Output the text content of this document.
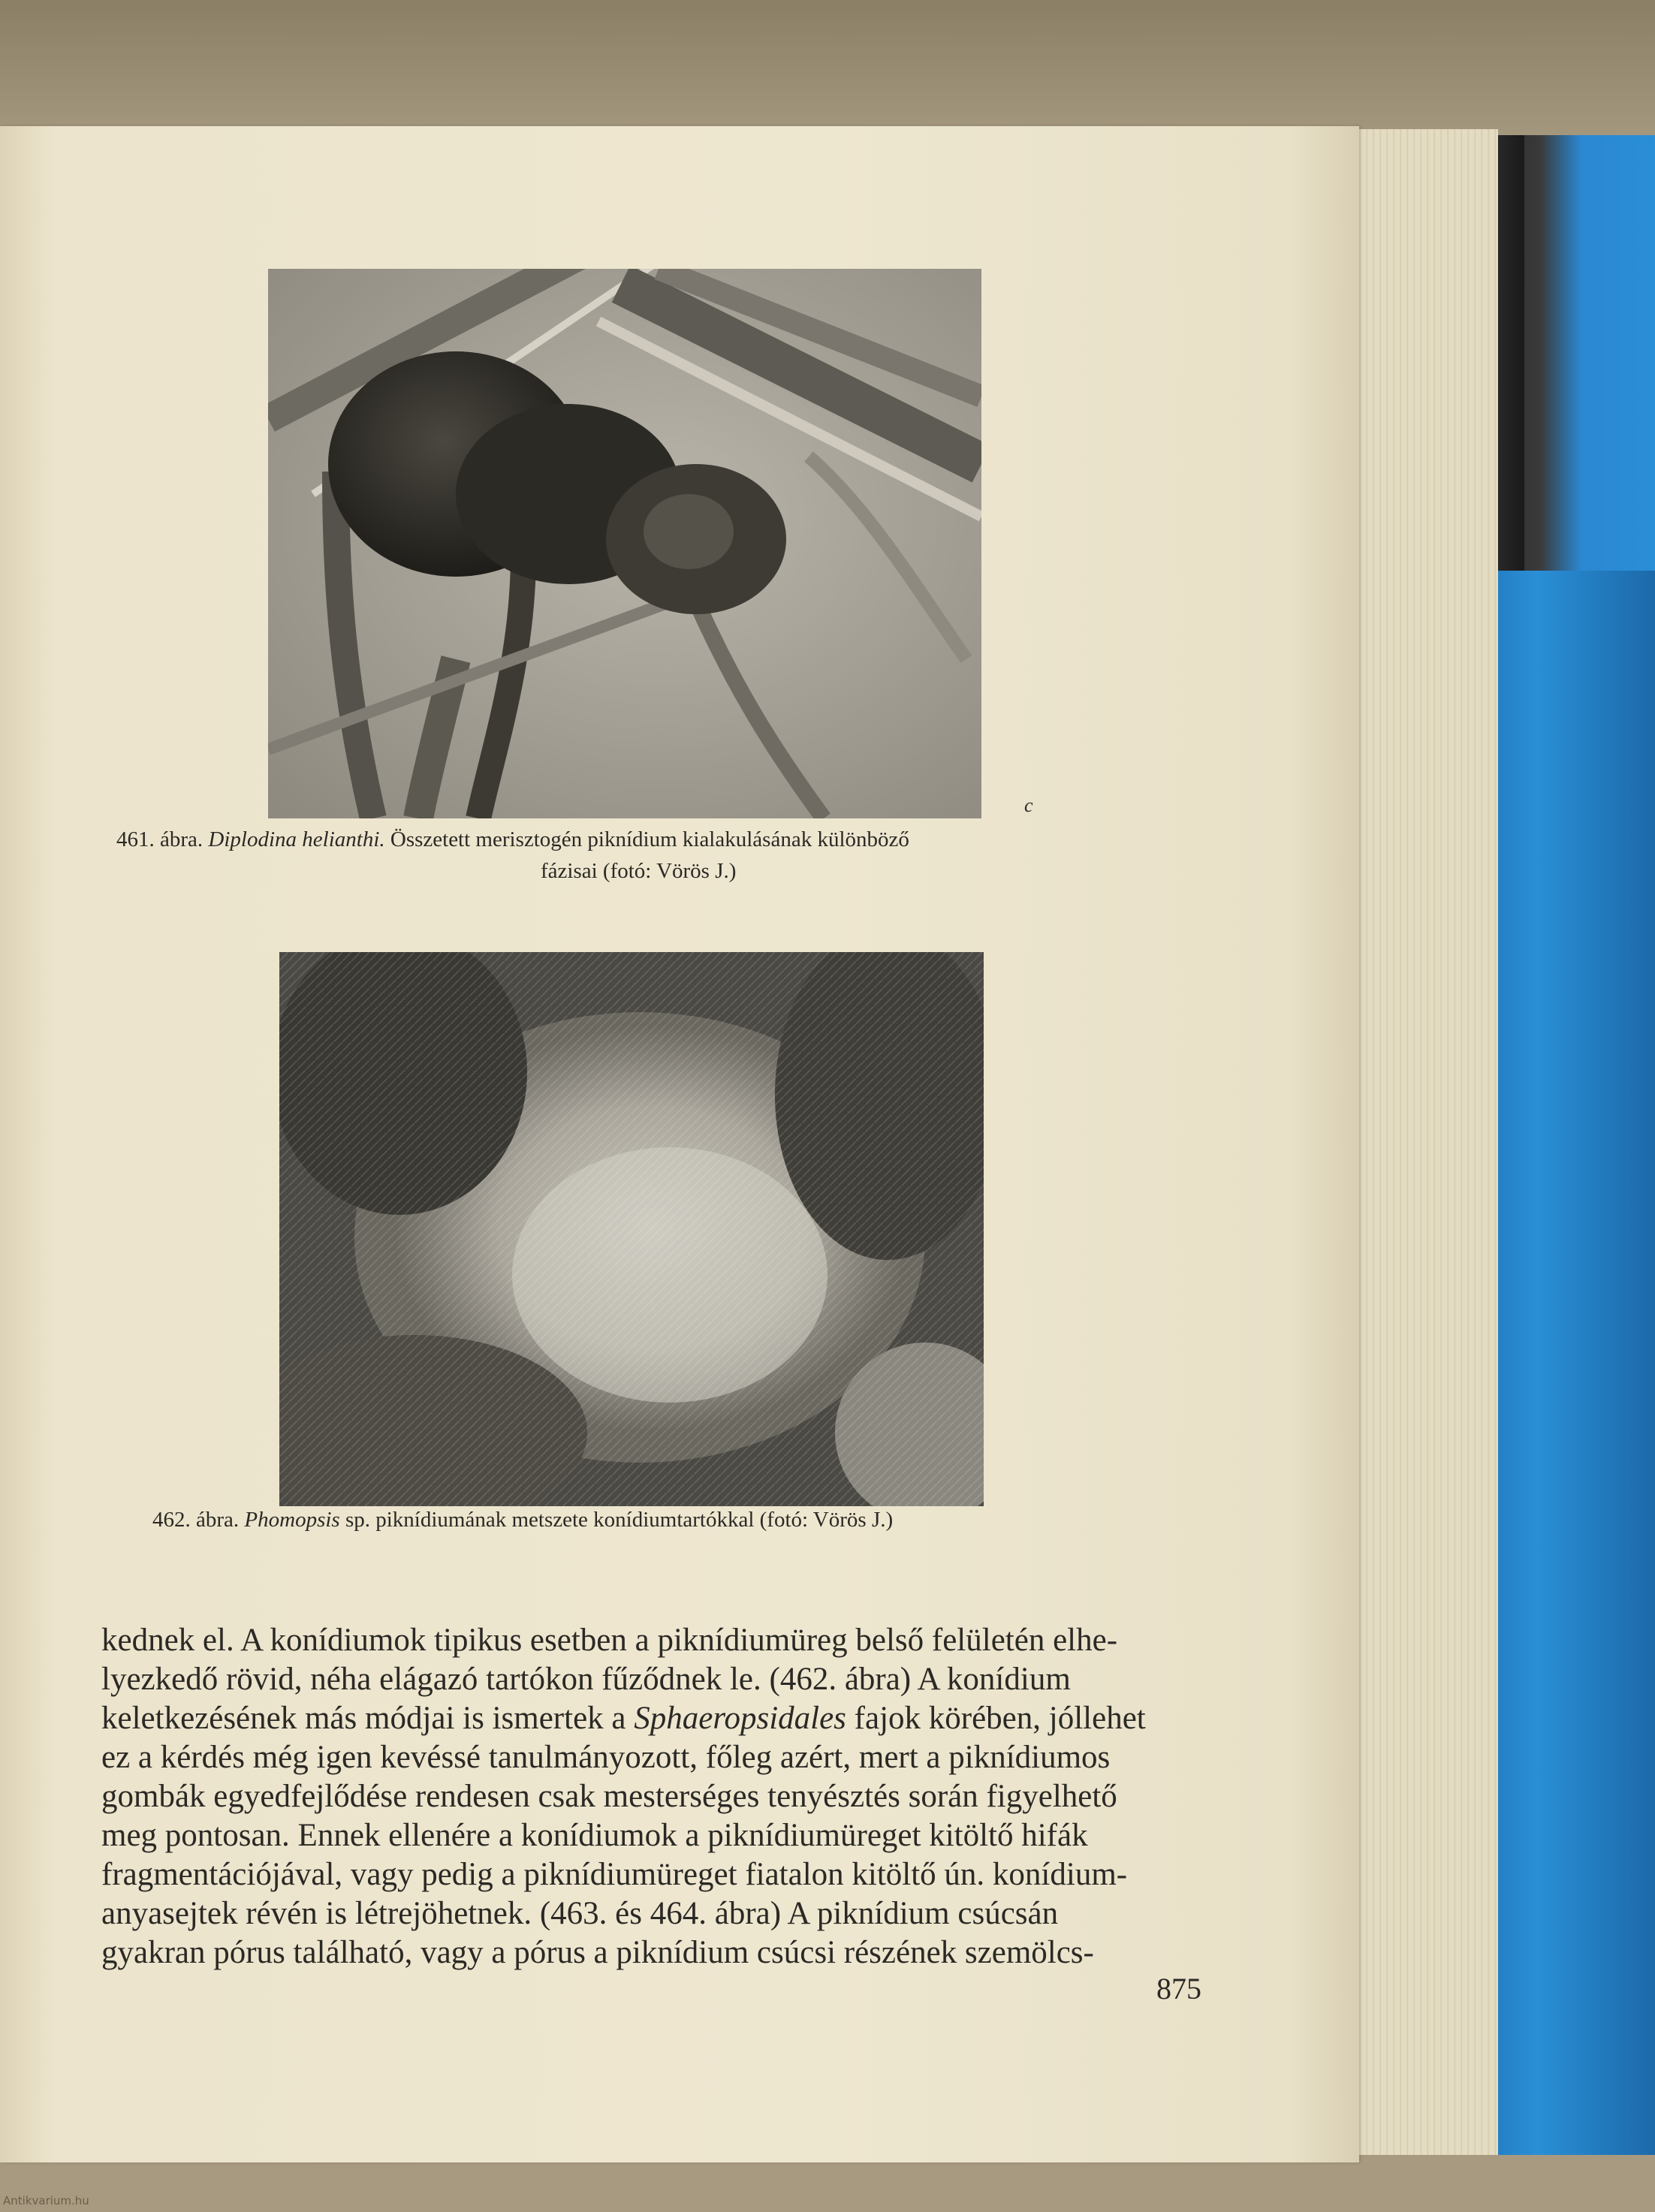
c

461. ábra. Diplodina helianthi. Összetett merisztogén piknídium kialakulásának különböző

fázisai (fotó: Vörös J.)

462. ábra. Phomopsis sp. piknídiumának metszete konídiumtartókkal (fotó: Vörös J.)

kednek el. A konídiumok tipikus esetben a piknídiumüreg belső felületén elhe-

lyezkedő rövid, néha elágazó tartókon fűződnek le. (462. ábra) A konídium

keletkezésének más módjai is ismertek a Sphaeropsidales fajok körében, jóllehet

ez a kérdés még igen kevéssé tanulmányozott, főleg azért, mert a piknídiumos

gombák egyedfejlődése rendesen csak mesterséges tenyésztés során figyelhető

meg pontosan. Ennek ellenére a konídiumok a piknídiumüreget kitöltő hifák

fragmentációjával, vagy pedig a piknídiumüreget fiatalon kitöltő ún. konídium-

anyasejtek révén is létrejöhetnek. (463. és 464. ábra) A piknídium csúcsán

gyakran pórus található, vagy a pórus a piknídium csúcsi részének szemölcs-

875

Antikvarium.hu
